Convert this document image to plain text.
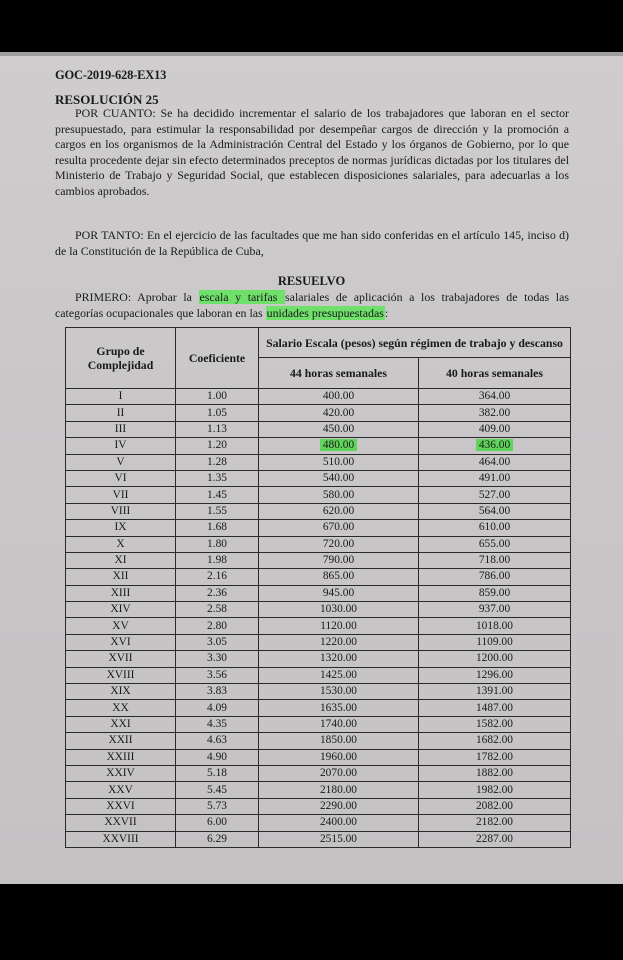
GOC-2019-628-EX13
RESOLUCIÓN 25
POR CUANTO: Se ha decidido incrementar el salario de los trabajadores que laboran en el sector presupuestado, para estimular la responsabilidad por desempeñar cargos de dirección y la promoción a cargos en los organismos de la Administración Central del Estado y los órganos de Gobierno, por lo que resulta procedente dejar sin efecto determinados preceptos de normas jurídicas dictadas por los titulares del Ministerio de Trabajo y Seguridad Social, que establecen disposiciones salariales, para adecuarlas a los cambios aprobados.
POR TANTO: En el ejercicio de las facultades que me han sido conferidas en el artículo 145, inciso d) de la Constitución de la República de Cuba,
RESUELVO
PRIMERO: Aprobar la escala y tarifas salariales de aplicación a los trabajadores de todas las categorías ocupacionales que laboran en las unidades presupuestadas:
Grupo de Complejidad	Coeficiente	Salario Escala (pesos) según régimen de trabajo y descanso	
		44 horas semanales	40 horas semanales
I	1.00	400.00	364.00
II	1.05	420.00	382.00
III	1.13	450.00	409.00
IV	1.20	480.00	436.00
V	1.28	510.00	464.00
VI	1.35	540.00	491.00
VII	1.45	580.00	527.00
VIII	1.55	620.00	564.00
IX	1.68	670.00	610.00
X	1.80	720.00	655.00
XI	1.98	790.00	718.00
XII	2.16	865.00	786.00
XIII	2.36	945.00	859.00
XIV	2.58	1030.00	937.00
XV	2.80	1120.00	1018.00
XVI	3.05	1220.00	1109.00
XVII	3.30	1320.00	1200.00
XVIII	3.56	1425.00	1296.00
XIX	3.83	1530.00	1391.00
XX	4.09	1635.00	1487.00
XXI	4.35	1740.00	1582.00
XXII	4.63	1850.00	1682.00
XXIII	4.90	1960.00	1782.00
XXIV	5.18	2070.00	1882.00
XXV	5.45	2180.00	1982.00
XXVI	5.73	2290.00	2082.00
XXVII	6.00	2400.00	2182.00
XXVIII	6.29	2515.00	2287.00
